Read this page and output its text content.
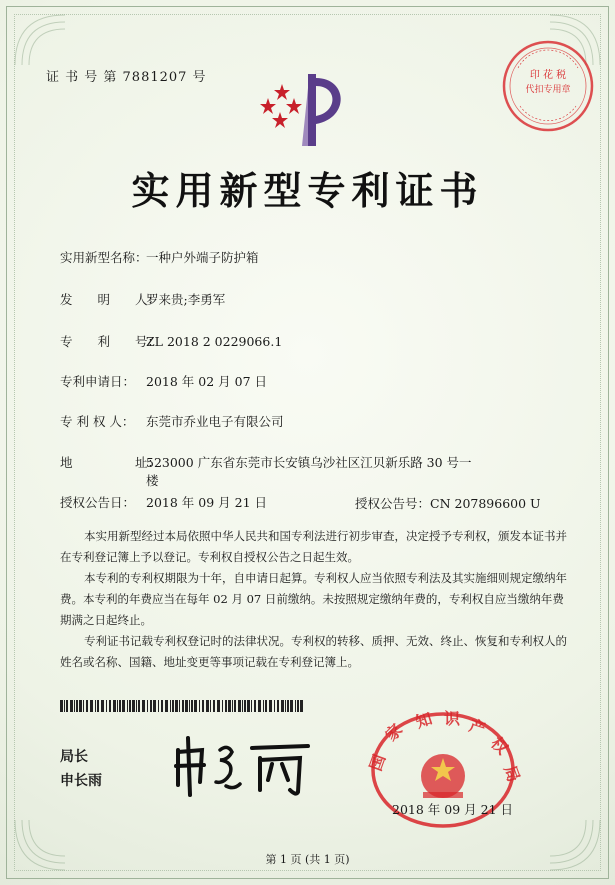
证 书 号 第 7881207 号	印 花 税
代扣专用章
实用新型专利证书
实用新型名称：一种户外端子防护箱
发　　明　　人：罗来贵;李勇军
专　　利　　号：ZL 2018 2 0229066.1
专利申请日： 2018 年 02 月 07 日
专 利 权 人： 东莞市乔业电子有限公司
地　　　　　址：523000 广东省东莞市长安镇乌沙社区江贝新乐路 30 号一
楼
授权公告日： 2018 年 09 月 21 日	授权公告号：CN 207896600 U
本实用新型经过本局依照中华人民共和国专利法进行初步审查，决定授予专利权，颁发本证书并在专利登记簿上予以登记。专利权自授权公告之日起生效。
本专利的专利权期限为十年，自申请日起算。专利权人应当依照专利法及其实施细则规定缴纳年费。本专利的年费应当在每年 02 月 07 日前缴纳。未按照规定缴纳年费的，专利权自应当缴纳年费期满之日起终止。
专利证书记载专利权登记时的法律状况。专利权的转移、质押、无效、终止、恢复和专利权人的姓名或名称、国籍、地址变更等事项记载在专利登记簿上。
局长
申长雨
国
家 知 识 产
权
局
2018 年 09 月 21 日
第 1 页 (共 1 页)
